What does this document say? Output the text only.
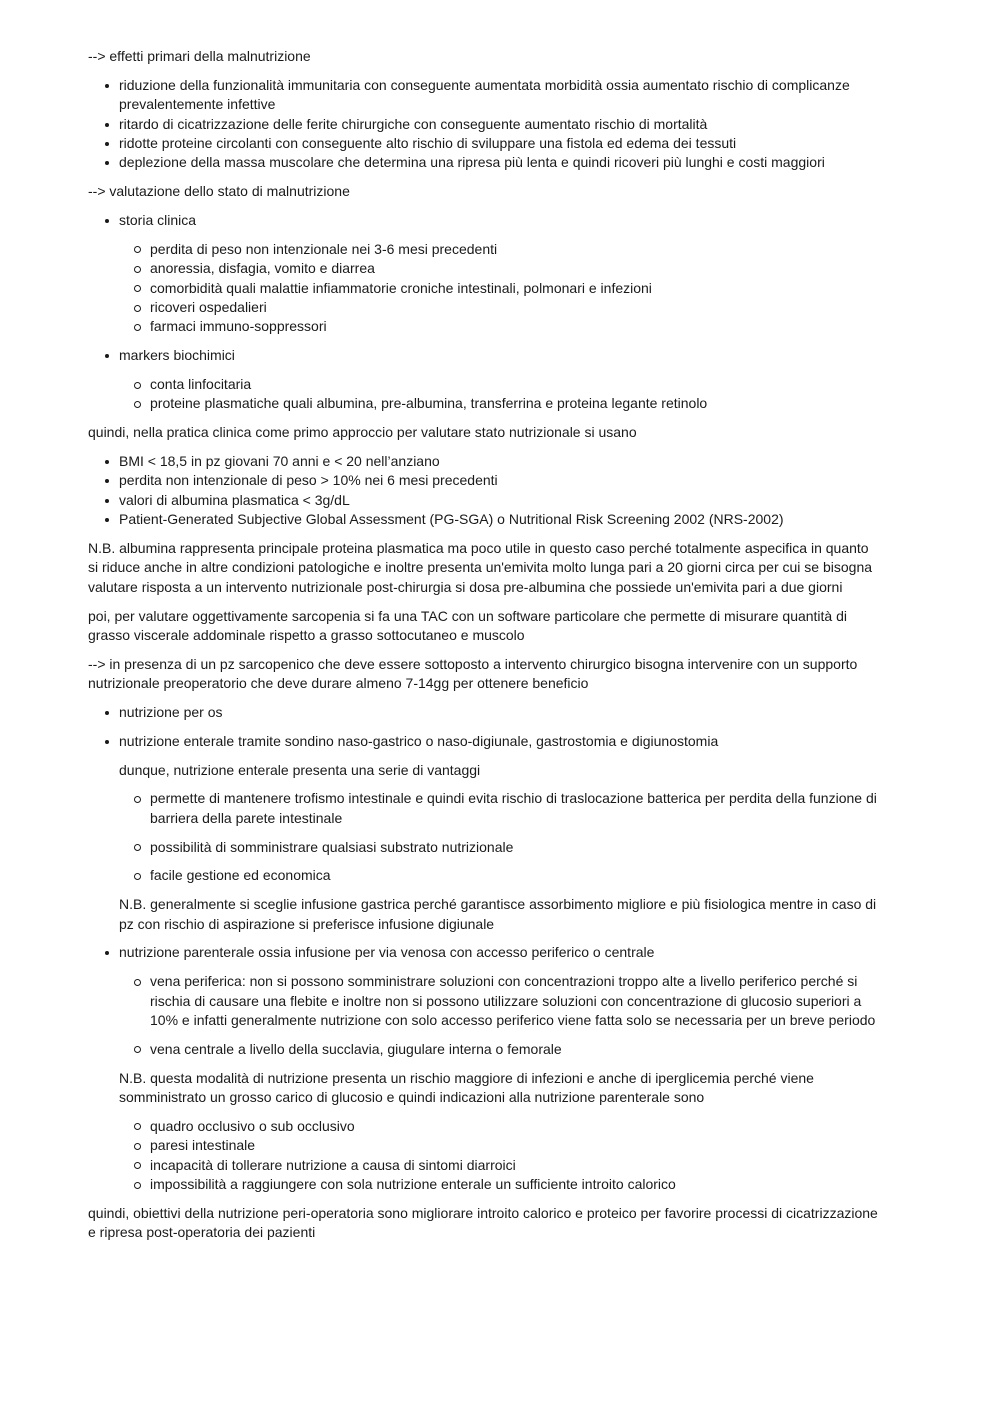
--> effetti primari della malnutrizione

riduzione della funzionalità immunitaria con conseguente aumentata morbidità ossia aumentato rischio di complicanze prevalentemente infettive
ritardo di cicatrizzazione delle ferite chirurgiche con conseguente aumentato rischio di mortalità
ridotte proteine circolanti con conseguente alto rischio di sviluppare una fistola ed edema dei tessuti
deplezione della massa muscolare che determina una ripresa più lenta e quindi ricoveri più lunghi e costi maggiori

--> valutazione dello stato di malnutrizione

storia clinica
perdita di peso non intenzionale nei 3-6 mesi precedenti
anoressia, disfagia, vomito e diarrea
comorbidità quali malattie infiammatorie croniche intestinali, polmonari e infezioni
ricoveri ospedalieri
farmaci immuno-soppressori
markers biochimici
conta linfocitaria
proteine plasmatiche quali albumina, pre-albumina, transferrina e proteina legante retinolo

quindi, nella pratica clinica come primo approccio per valutare stato nutrizionale si usano

BMI < 18,5 in pz giovani 70 anni e < 20 nell’anziano
perdita non intenzionale di peso > 10% nei 6 mesi precedenti
valori di albumina plasmatica < 3g/dL
Patient-Generated Subjective Global Assessment (PG-SGA) o Nutritional Risk Screening 2002 (NRS-2002)

N.B. albumina rappresenta principale proteina plasmatica ma poco utile in questo caso perché totalmente aspecifica in quanto si riduce anche in altre condizioni patologiche e inoltre presenta un'emivita molto lunga pari a 20 giorni circa per cui se bisogna valutare risposta a un intervento nutrizionale post-chirurgia si dosa pre-albumina che possiede un'emivita pari a due giorni

poi, per valutare oggettivamente sarcopenia si fa una TAC con un software particolare che permette di misurare quantità di grasso viscerale addominale rispetto a grasso sottocutaneo e muscolo

--> in presenza di un pz sarcopenico che deve essere sottoposto a intervento chirurgico bisogna intervenire con un supporto nutrizionale preoperatorio che deve durare almeno 7-14gg per ottenere beneficio

nutrizione per os
nutrizione enterale tramite sondino naso-gastrico o naso-digiunale, gastrostomia e digiunostomia

dunque, nutrizione enterale presenta una serie di vantaggi

permette di mantenere trofismo intestinale e quindi evita rischio di traslocazione batterica per perdita della funzione di barriera della parete intestinale
possibilità di somministrare qualsiasi substrato nutrizionale
facile gestione ed economica

N.B. generalmente si sceglie infusione gastrica perché garantisce assorbimento migliore e più fisiologica mentre in caso di pz con rischio di aspirazione si preferisce infusione digiunale

nutrizione parenterale ossia infusione per via venosa con accesso periferico o centrale
vena periferica: non si possono somministrare soluzioni con concentrazioni troppo alte a livello periferico perché si rischia di causare una flebite e inoltre non si possono utilizzare soluzioni con concentrazione di glucosio superiori a 10% e infatti generalmente nutrizione con solo accesso periferico viene fatta solo se necessaria per un breve periodo
vena centrale a livello della succlavia, giugulare interna o femorale

N.B. questa modalità di nutrizione presenta un rischio maggiore di infezioni e anche di iperglicemia perché viene somministrato un grosso carico di glucosio e quindi indicazioni alla nutrizione parenterale sono

quadro occlusivo o sub occlusivo
paresi intestinale
incapacità di tollerare nutrizione a causa di sintomi diarroici
impossibilità a raggiungere con sola nutrizione enterale un sufficiente introito calorico

quindi, obiettivi della nutrizione peri-operatoria sono migliorare introito calorico e proteico per favorire processi di cicatrizzazione e ripresa post-operatoria dei pazienti
